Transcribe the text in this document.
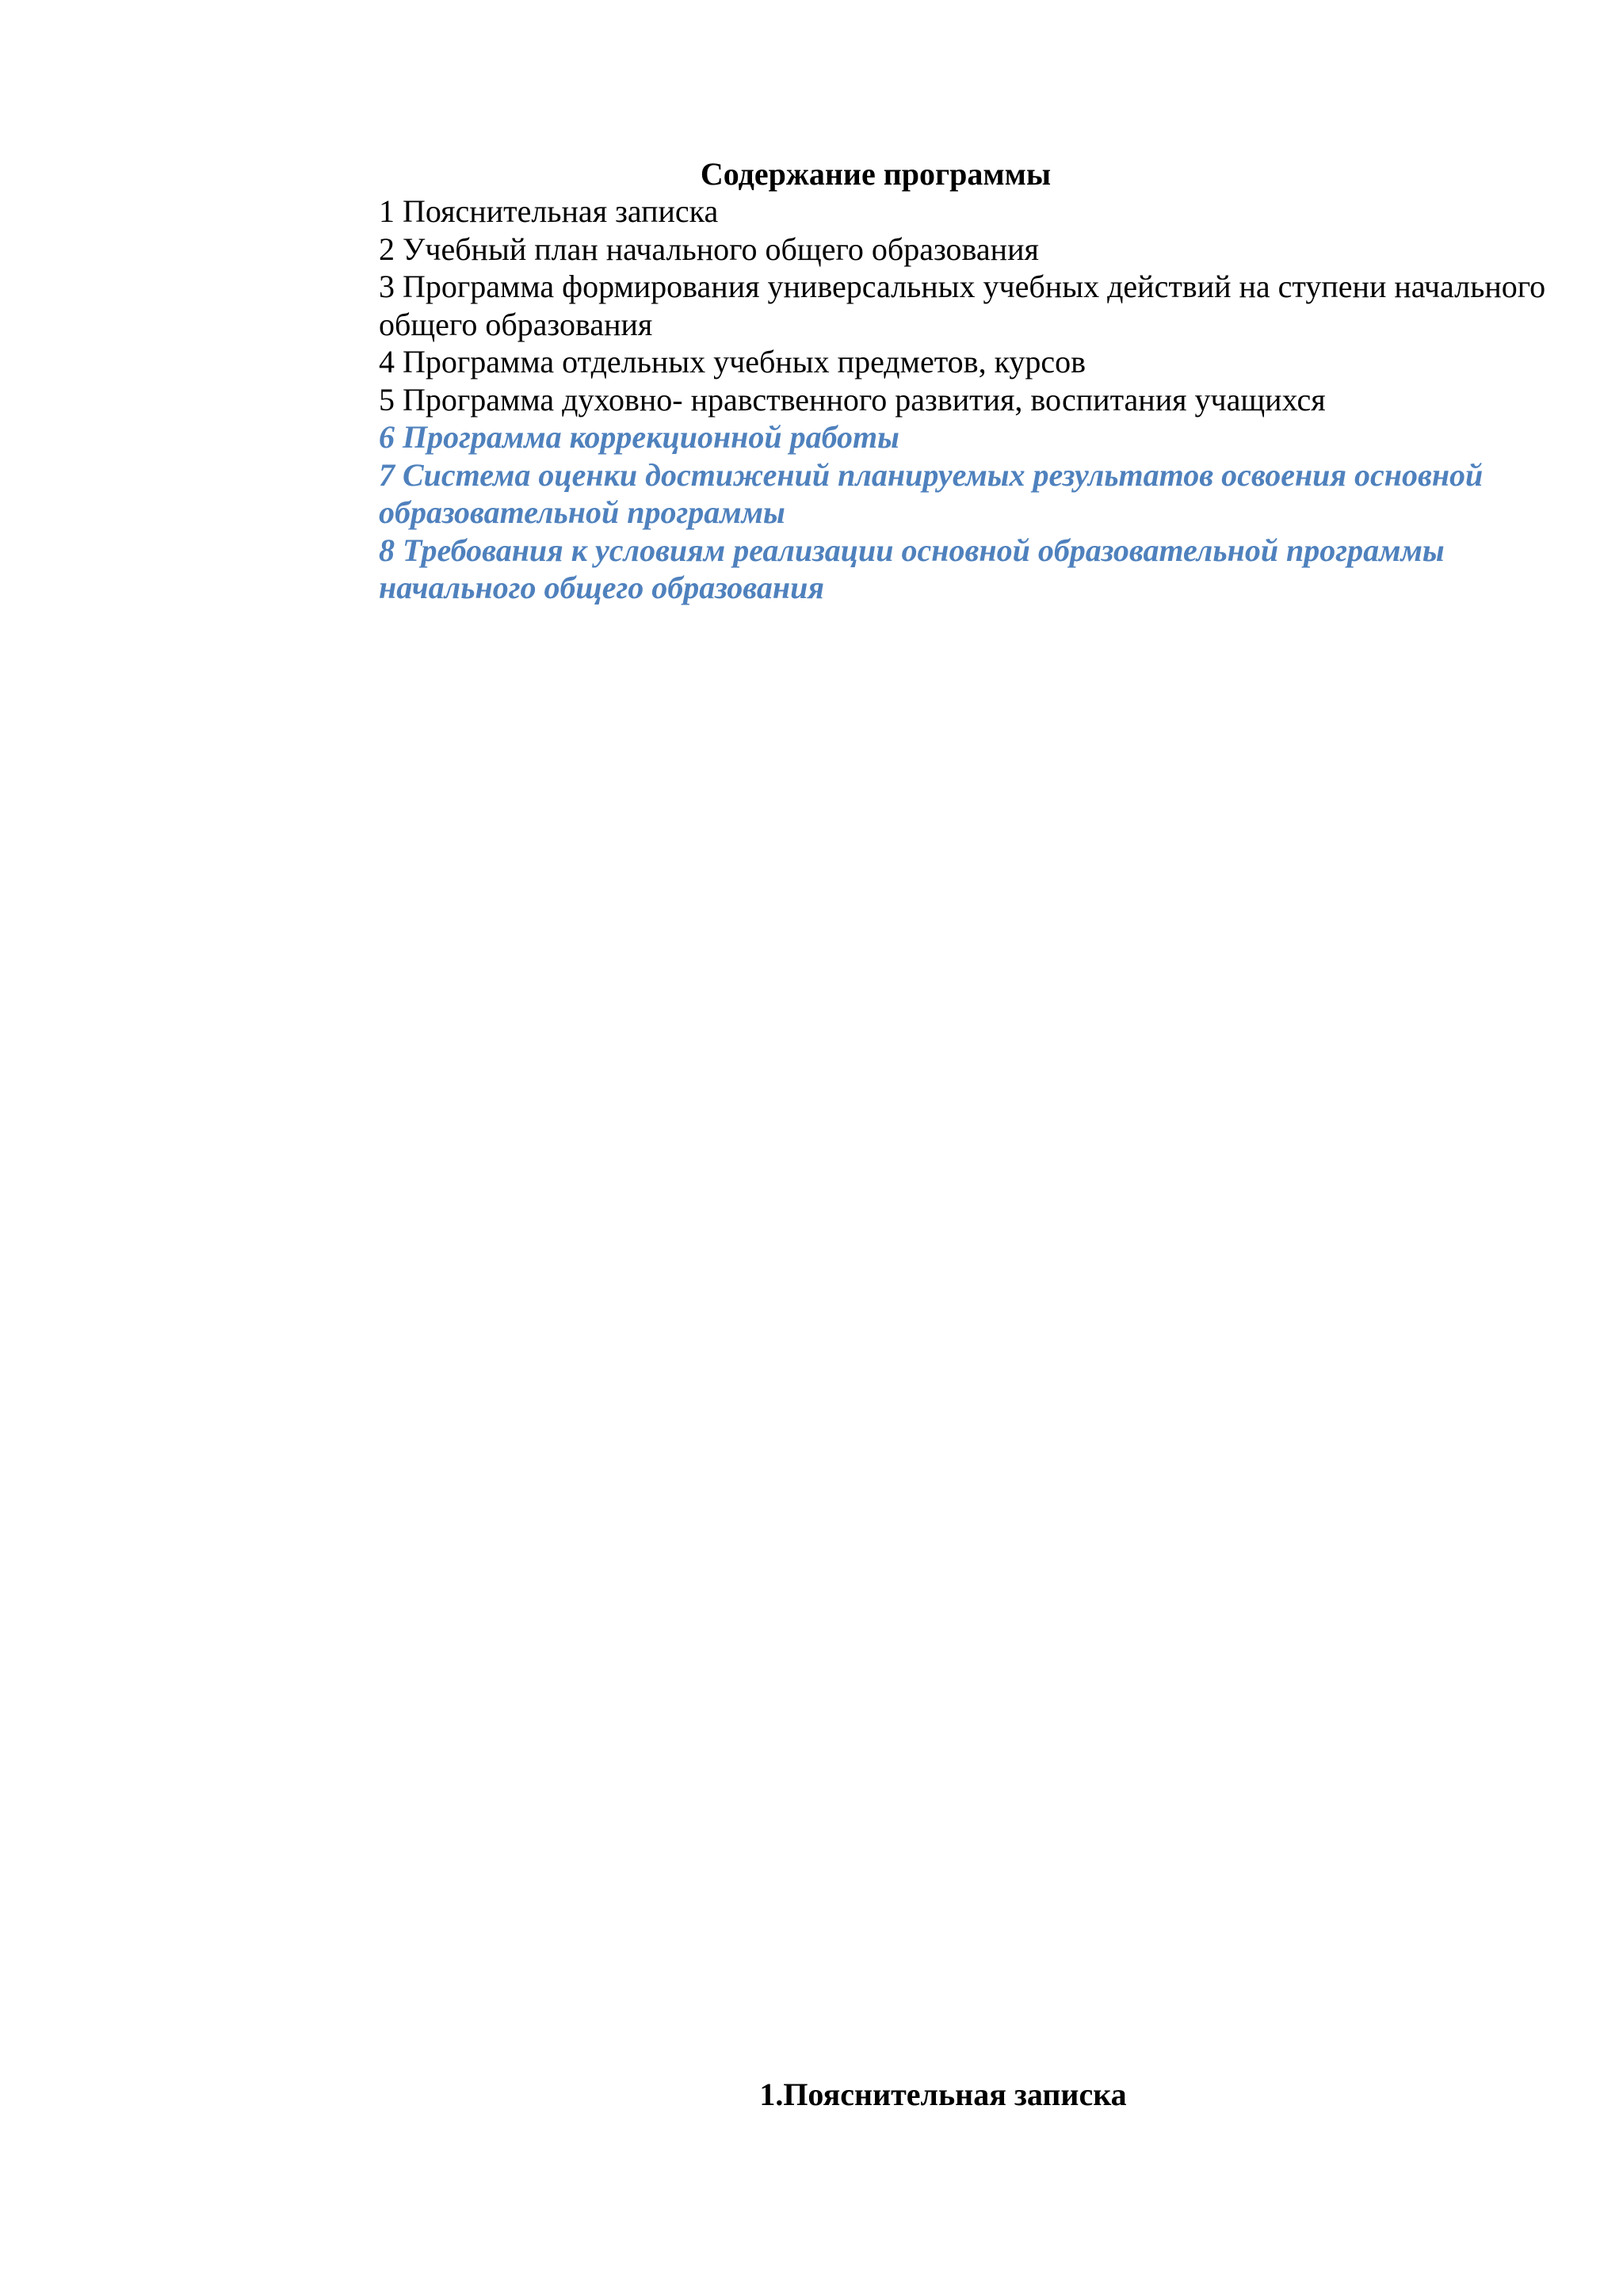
Содержание программы
1 Пояснительная записка
2 Учебный план начального общего образования
3 Программа формирования универсальных учебных действий на ступени начального общего образования
4 Программа отдельных учебных предметов, курсов
5 Программа духовно- нравственного развития, воспитания учащихся
6 Программа коррекционной работы
7 Система оценки достижений планируемых результатов освоения основной образовательной программы
8 Требования к условиям реализации основной образовательной программы начального общего образования
1.Пояснительная записка
